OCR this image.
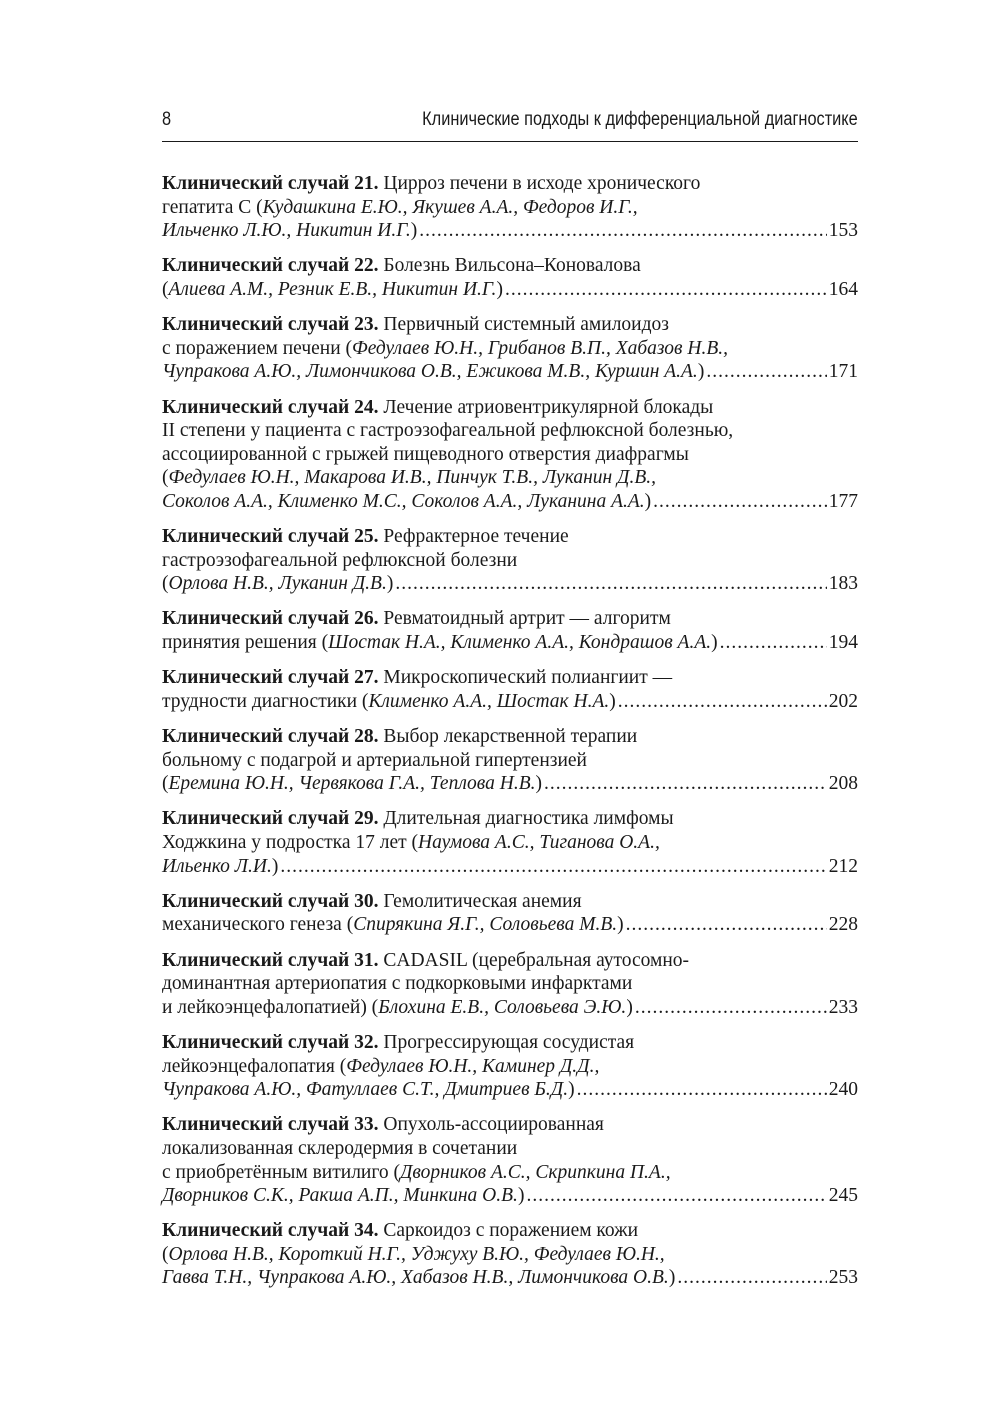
8	Клинические подходы к дифференциальной диагностике
Клинический случай 21. Цирроз печени в исходе хронического
гепатита С (Кудашкина Е.Ю., Якушев А.А., Федоров И.Г.,
Ильченко Л.Ю., Никитин И.Г.) .....	153
Клинический случай 22. Болезнь Вильсона–Коновалова
(Алиева А.М., Резник Е.В., Никитин И.Г.) .....	164
Клинический случай 23. Первичный системный амилоидоз
с поражением печени (Федулаев Ю.Н., Грибанов В.П., Хабазов Н.В.,
Чупракова А.Ю., Лимончикова О.В., Ежикова М.В., Куршин А.А.) .....	171
Клинический случай 24. Лечение атриовентрикулярной блокады
II степени у пациента с гастроэзофагеальной рефлюксной болезнью,
ассоциированной с грыжей пищеводного отверстия диафрагмы
(Федулаев Ю.Н., Макарова И.В., Пинчук Т.В., Луканин Д.В.,
Соколов А.А., Клименко М.С., Соколов А.А., Луканина А.А.) .....	177
Клинический случай 25. Рефрактерное течение
гастроэзофагеальной рефлюксной болезни
(Орлова Н.В., Луканин Д.В.) .....	183
Клинический случай 26. Ревматоидный артрит — алгоритм
принятия решения (Шостак Н.А., Клименко А.А., Кондрашов А.А.) .....	194
Клинический случай 27. Микроскопический полиангиит —
трудности диагностики (Клименко А.А., Шостак Н.А.) .....	202
Клинический случай 28. Выбор лекарственной терапии
больному с подагрой и артериальной гипертензией
(Еремина Ю.Н., Червякова Г.А., Теплова Н.В.) .....	208
Клинический случай 29. Длительная диагностика лимфомы
Ходжкина у подростка 17 лет (Наумова А.С., Тиганова О.А.,
Ильенко Л.И.) .....	212
Клинический случай 30. Гемолитическая анемия
механического генеза (Спирякина Я.Г., Соловьева М.В.) .....	228
Клинический случай 31. CADASIL (церебральная аутосомно-
доминантная артериопатия с подкорковыми инфарктами
и лейкоэнцефалопатией) (Блохина Е.В., Соловьева Э.Ю.) .....	233
Клинический случай 32. Прогрессирующая сосудистая
лейкоэнцефалопатия (Федулаев Ю.Н., Каминер Д.Д.,
Чупракова А.Ю., Фатуллаев С.Т., Дмитриев Б.Д.) .....	240
Клинический случай 33. Опухоль-ассоциированная
локализованная склеродермия в сочетании
с приобретённым витилиго (Дворников А.С., Скрипкина П.А.,
Дворников С.К., Ракша А.П., Минкина О.В.) .....	245
Клинический случай 34. Саркоидоз с поражением кожи
(Орлова Н.В., Короткий Н.Г., Уджуху В.Ю., Федулаев Ю.Н.,
Гавва Т.Н., Чупракова А.Ю., Хабазов Н.В., Лимончикова О.В.) .....	253
